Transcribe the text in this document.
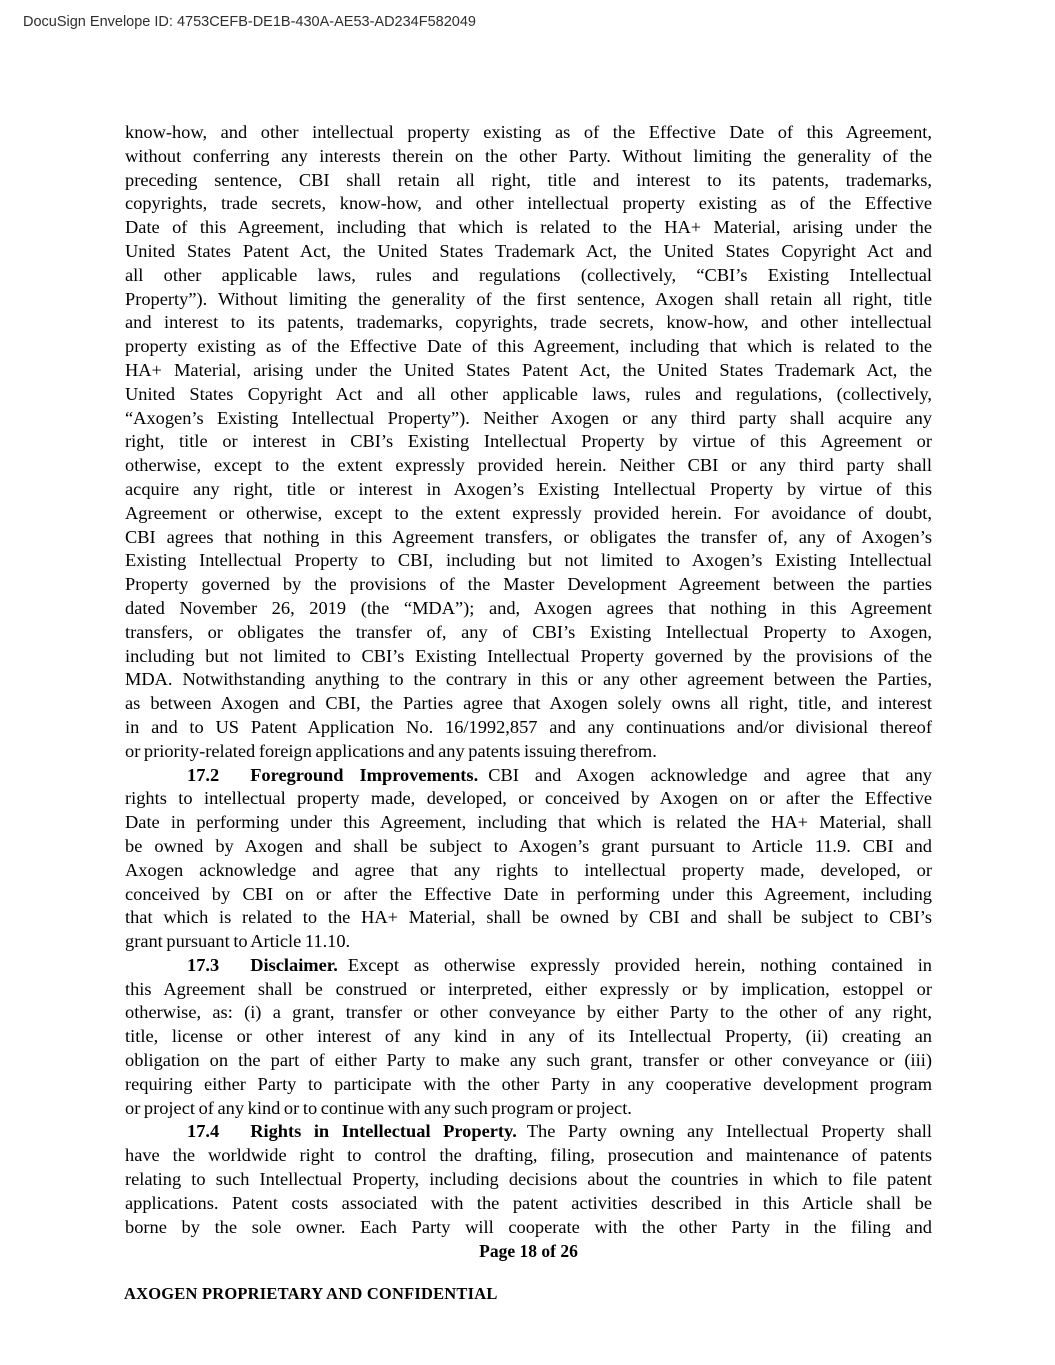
DocuSign Envelope ID: 4753CEFB-DE1B-430A-AE53-AD234F582049
know-how, and other intellectual property existing as of the Effective Date of this Agreement,
without conferring any interests therein on the other Party. Without limiting the generality of the
preceding sentence, CBI shall retain all right, title and interest to its patents, trademarks,
copyrights, trade secrets, know-how, and other intellectual property existing as of the Effective
Date of this Agreement, including that which is related to the HA+ Material, arising under the
United States Patent Act, the United States Trademark Act, the United States Copyright Act and
all other applicable laws, rules and regulations (collectively, “CBI’s Existing Intellectual
Property”). Without limiting the generality of the first sentence, Axogen shall retain all right, title
and interest to its patents, trademarks, copyrights, trade secrets, know-how, and other intellectual
property existing as of the Effective Date of this Agreement, including that which is related to the
HA+ Material, arising under the United States Patent Act, the United States Trademark Act, the
United States Copyright Act and all other applicable laws, rules and regulations, (collectively,
“Axogen’s Existing Intellectual Property”). Neither Axogen or any third party shall acquire any
right, title or interest in CBI’s Existing Intellectual Property by virtue of this Agreement or
otherwise, except to the extent expressly provided herein. Neither CBI or any third party shall
acquire any right, title or interest in Axogen’s Existing Intellectual Property by virtue of this
Agreement or otherwise, except to the extent expressly provided herein. For avoidance of doubt,
CBI agrees that nothing in this Agreement transfers, or obligates the transfer of, any of Axogen’s
Existing Intellectual Property to CBI, including but not limited to Axogen’s Existing Intellectual
Property governed by the provisions of the Master Development Agreement between the parties
dated November 26, 2019 (the “MDA”); and, Axogen agrees that nothing in this Agreement
transfers, or obligates the transfer of, any of CBI’s Existing Intellectual Property to Axogen,
including but not limited to CBI’s Existing Intellectual Property governed by the provisions of the
MDA. Notwithstanding anything to the contrary in this or any other agreement between the Parties,
as between Axogen and CBI, the Parties agree that Axogen solely owns all right, title, and interest
in and to US Patent Application No. 16/1992,857 and any continuations and/or divisional thereof
or priority-related foreign applications and any patents issuing therefrom.
17.2 Foreground Improvements. CBI and Axogen acknowledge and agree that any
rights to intellectual property made, developed, or conceived by Axogen on or after the Effective
Date in performing under this Agreement, including that which is related the HA+ Material, shall
be owned by Axogen and shall be subject to Axogen’s grant pursuant to Article 11.9. CBI and
Axogen acknowledge and agree that any rights to intellectual property made, developed, or
conceived by CBI on or after the Effective Date in performing under this Agreement, including
that which is related to the HA+ Material, shall be owned by CBI and shall be subject to CBI’s
grant pursuant to Article 11.10.
17.3 Disclaimer. Except as otherwise expressly provided herein, nothing contained in
this Agreement shall be construed or interpreted, either expressly or by implication, estoppel or
otherwise, as: (i) a grant, transfer or other conveyance by either Party to the other of any right,
title, license or other interest of any kind in any of its Intellectual Property, (ii) creating an
obligation on the part of either Party to make any such grant, transfer or other conveyance or (iii)
requiring either Party to participate with the other Party in any cooperative development program
or project of any kind or to continue with any such program or project.
17.4 Rights in Intellectual Property. The Party owning any Intellectual Property shall
have the worldwide right to control the drafting, filing, prosecution and maintenance of patents
relating to such Intellectual Property, including decisions about the countries in which to file patent
applications. Patent costs associated with the patent activities described in this Article shall be
borne by the sole owner. Each Party will cooperate with the other Party in the filing and
Page 18 of 26
AXOGEN PROPRIETARY AND CONFIDENTIAL
